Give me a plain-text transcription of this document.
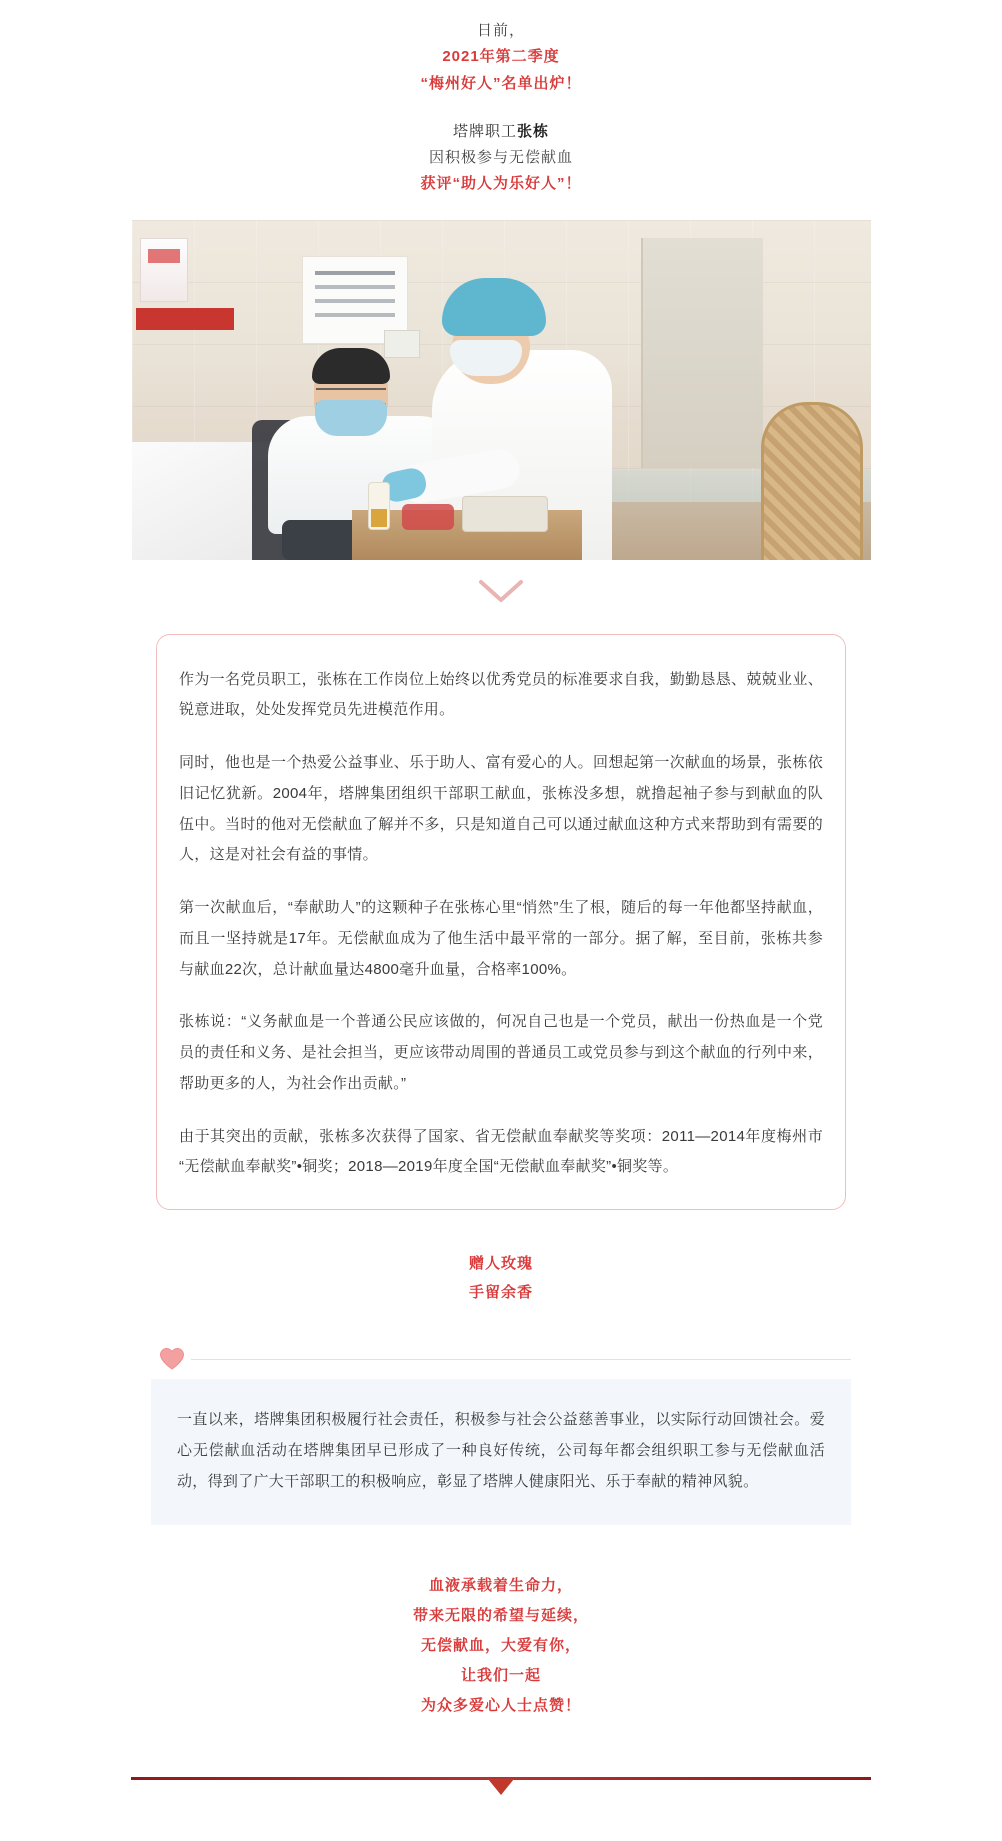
日前，
2021年第二季度
“梅州好人”名单出炉！
塔牌职工张栋
因积极参与无偿献血
获评“助人为乐好人”！

作为一名党员职工，张栋在工作岗位上始终以优秀党员的标准要求自我，勤勤恳恳、兢兢业业、锐意进取，处处发挥党员先进模范作用。

同时，他也是一个热爱公益事业、乐于助人、富有爱心的人。回想起第一次献血的场景，张栋依旧记忆犹新。2004年，塔牌集团组织干部职工献血，张栋没多想，就撸起袖子参与到献血的队伍中。当时的他对无偿献血了解并不多，只是知道自己可以通过献血这种方式来帮助到有需要的人，这是对社会有益的事情。

第一次献血后，“奉献助人”的这颗种子在张栋心里“悄然”生了根，随后的每一年他都坚持献血，而且一坚持就是17年。无偿献血成为了他生活中最平常的一部分。据了解，至目前，张栋共参与献血22次，总计献血量达4800毫升血量，合格率100%。

张栋说：“义务献血是一个普通公民应该做的，何况自己也是一个党员，献出一份热血是一个党员的责任和义务、是社会担当，更应该带动周围的普通员工或党员参与到这个献血的行列中来，帮助更多的人，为社会作出贡献。”

由于其突出的贡献，张栋多次获得了国家、省无偿献血奉献奖等奖项：2011—2014年度梅州市“无偿献血奉献奖”•铜奖；2018—2019年度全国“无偿献血奉献奖”•铜奖等。

赠人玫瑰
手留余香

一直以来，塔牌集团积极履行社会责任，积极参与社会公益慈善事业，以实际行动回馈社会。爱心无偿献血活动在塔牌集团早已形成了一种良好传统，公司每年都会组织职工参与无偿献血活动，得到了广大干部职工的积极响应，彰显了塔牌人健康阳光、乐于奉献的精神风貌。

血液承载着生命力，
带来无限的希望与延续，
无偿献血，大爱有你，
让我们一起
为众多爱心人士点赞！
